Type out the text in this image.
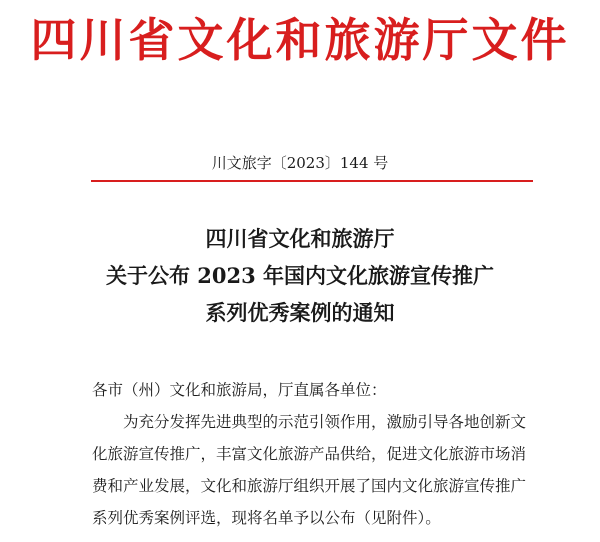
四川省文化和旅游厅文件
川文旅字〔2023〕144 号
四川省文化和旅游厅
关于公布 2023 年国内文化旅游宣传推广
系列优秀案例的通知
各市（州）文化和旅游局，厅直属各单位：
　　为充分发挥先进典型的示范引领作用，激励引导各地创新文
化旅游宣传推广，丰富文化旅游产品供给，促进文化旅游市场消
费和产业发展，文化和旅游厅组织开展了国内文化旅游宣传推广
系列优秀案例评选，现将名单予以公布（见附件）。
